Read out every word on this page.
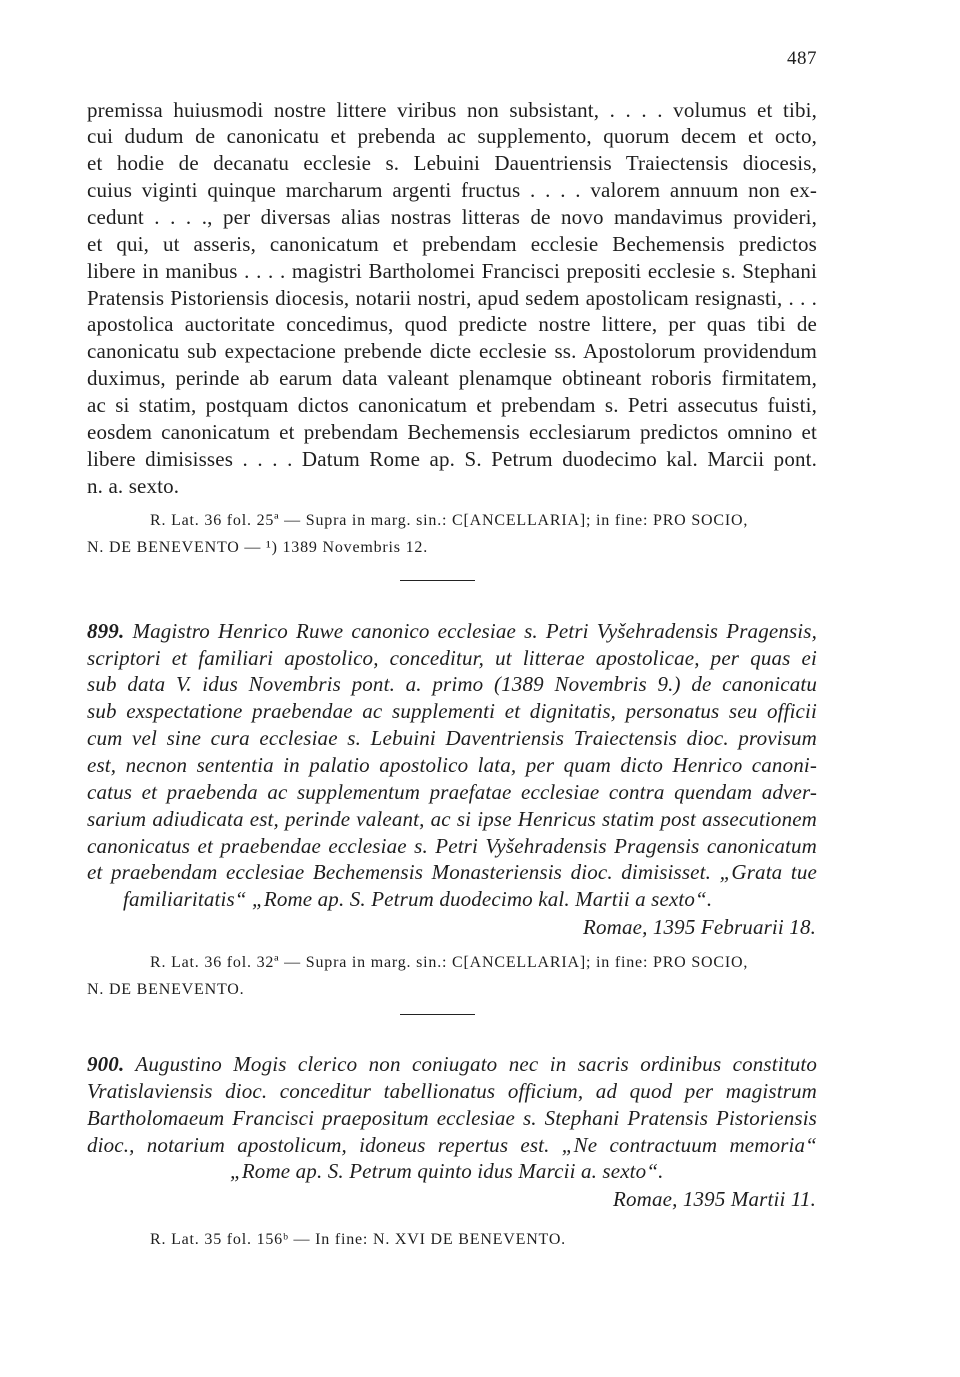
487
premissa huiusmodi nostre littere viribus non subsistant, . . . . volumus et tibi,
cui dudum de canonicatu et prebenda ac supplemento, quorum decem et octo,
et hodie de decanatu ecclesie s. Lebuini Dauentriensis Traiectensis diocesis,
cuius viginti quinque marcharum argenti fructus . . . . valorem annuum non ex-
cedunt . . . ., per diversas alias nostras litteras de novo mandavimus provideri,
et qui, ut asseris, canonicatum et prebendam ecclesie Bechemensis predictos
libere in manibus . . . . magistri Bartholomei Francisci prepositi ecclesie s. Stephani
Pratensis Pistoriensis diocesis, notarii nostri, apud sedem apostolicam resignasti, . . .
apostolica auctoritate concedimus, quod predicte nostre littere, per quas tibi de
canonicatu sub expectacione prebende dicte ecclesie ss. Apostolorum providendum
duximus, perinde ab earum data valeant plenamque obtineant roboris firmitatem,
ac si statim, postquam dictos canonicatum et prebendam s. Petri assecutus fuisti,
eosdem canonicatum et prebendam Bechemensis ecclesiarum predictos omnino et
libere dimisisses . . . . Datum Rome ap. S. Petrum duodecimo kal. Marcii pont.
n. a. sexto.
R. Lat. 36 fol. 25ª — Supra in marg. sin.: C[ANCELLARIA]; in fine: PRO SOCIO,
N. DE BENEVENTO — ¹) 1389 Novembris 12.
899. Magistro Henrico Ruwe canonico ecclesiae s. Petri Vyšehradensis Pragensis,
scriptori et familiari apostolico, conceditur, ut litterae apostolicae, per quas ei
sub data V. idus Novembris pont. a. primo (1389 Novembris 9.) de canonicatu
sub exspectatione praebendae ac supplementi et dignitatis, personatus seu officii
cum vel sine cura ecclesiae s. Lebuini Daventriensis Traiectensis dioc. provisum
est, necnon sententia in palatio apostolico lata, per quam dicto Henrico canoni-
catus et praebenda ac supplementum praefatae ecclesiae contra quendam adver-
sarium adiudicata est, perinde valeant, ac si ipse Henricus statim post assecutionem
canonicatus et praebendae ecclesiae s. Petri Vyšehradensis Pragensis canonicatum
et praebendam ecclesiae Bechemensis Monasteriensis dioc. dimisisset. „Grata tue
familiaritatis“ „Rome ap. S. Petrum duodecimo kal. Martii a sexto“.
Romae, 1395 Februarii 18.
R. Lat. 36 fol. 32ª — Supra in marg. sin.: C[ANCELLARIA]; in fine: PRO SOCIO,
N. DE BENEVENTO.
900. Augustino Mogis clerico non coniugato nec in sacris ordinibus constituto
Vratislaviensis dioc. conceditur tabellionatus officium, ad quod per magistrum
Bartholomaeum Francisci praepositum ecclesiae s. Stephani Pratensis Pistoriensis
dioc., notarium apostolicum, idoneus repertus est. „Ne contractuum memoria“
„Rome ap. S. Petrum quinto idus Marcii a. sexto“.
Romae, 1395 Martii 11.
R. Lat. 35 fol. 156ᵇ — In fine: N. XVI DE BENEVENTO.
